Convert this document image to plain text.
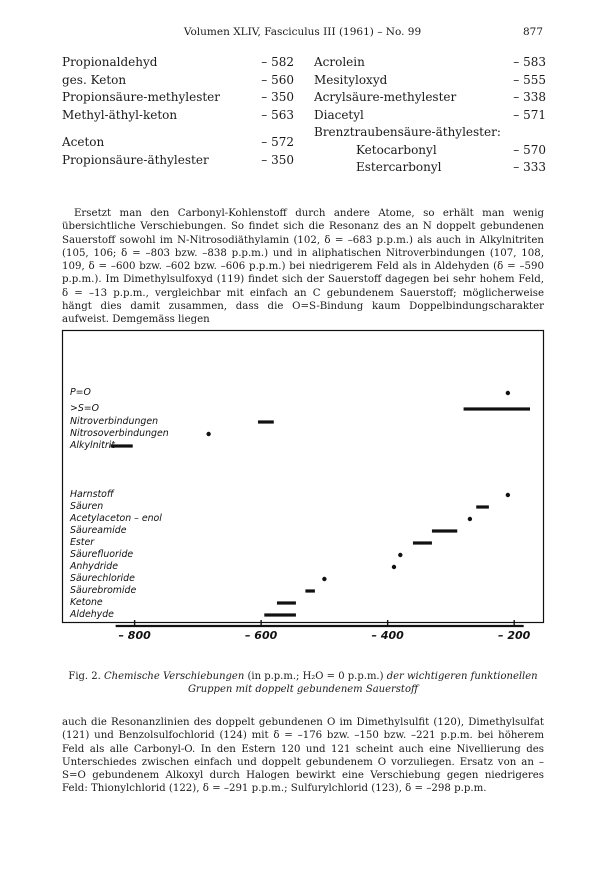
Volumen XLIV, Fasciculus III (1961) – No. 99	877
Propionaldehyd	– 582
ges. Keton	– 560
Propionsäure-methylester	– 350
Methyl-äthyl-keton	– 563
Aceton	– 572
Propionsäure-äthylester	– 350
Acrolein	– 583
Mesityloxyd	– 555
Acrylsäure-methylester	– 338
Diacetyl	– 571
Brenztraubensäure-äthylester:
Ketocarbonyl	– 570
Estercarbonyl	– 333

Ersetzt man den Carbonyl-Kohlenstoff durch andere Atome, so erhält man wenig übersichtliche Verschiebungen. So findet sich die Resonanz des an N doppelt gebundenen Sauerstoff sowohl im N-Nitrosodiäthylamin (102, δ = –683 p.p.m.) als auch in Alkylnitriten (105, 106; δ = –803 bzw. –838 p.p.m.) und in aliphatischen Nitroverbindungen (107, 108, 109, δ = –600 bzw. –602 bzw. –606 p.p.m.) bei niedrigerem Feld als in Aldehyden (δ = –590 p.p.m.). Im Dimethylsulfoxyd (119) findet sich der Sauerstoff dagegen bei sehr hohem Feld, δ = –13 p.p.m., vergleichbar mit einfach an C gebundenem Sauerstoff; möglicherweise hängt dies damit zusammen, dass die O=S-Bindung kaum Doppelbindungscharakter aufweist. Demgemäss liegen

– 800	– 600	– 400	– 200
P=O
>S=O
Nitroverbindungen
Nitrosoverbindungen
Alkylnitrit
Harnstoff
Säuren
Acetylaceton – enol
Säureamide
Ester
Säurefluoride
Anhydride
Säurechloride
Säurebromide
Ketone
Aldehyde

Fig. 2. Chemische Verschiebungen (in p.p.m.; H₂O = 0 p.p.m.) der wichtigeren funktionellen Gruppen mit doppelt gebundenem Sauerstoff

auch die Resonanzlinien des doppelt gebundenen O im Dimethylsulfit (120), Dimethylsulfat (121) und Benzolsulfochlorid (124) mit δ = –176 bzw. –150 bzw. –221 p.p.m. bei höherem Feld als alle Carbonyl-O. In den Estern 120 und 121 scheint auch eine Nivellierung des Unterschiedes zwischen einfach und doppelt gebundenem O vorzuliegen. Ersatz von an –S=O gebundenem Alkoxyl durch Halogen bewirkt eine Verschiebung gegen niedrigeres Feld: Thionylchlorid (122), δ = –291 p.p.m.; Sulfurylchlorid (123), δ = –298 p.p.m.
